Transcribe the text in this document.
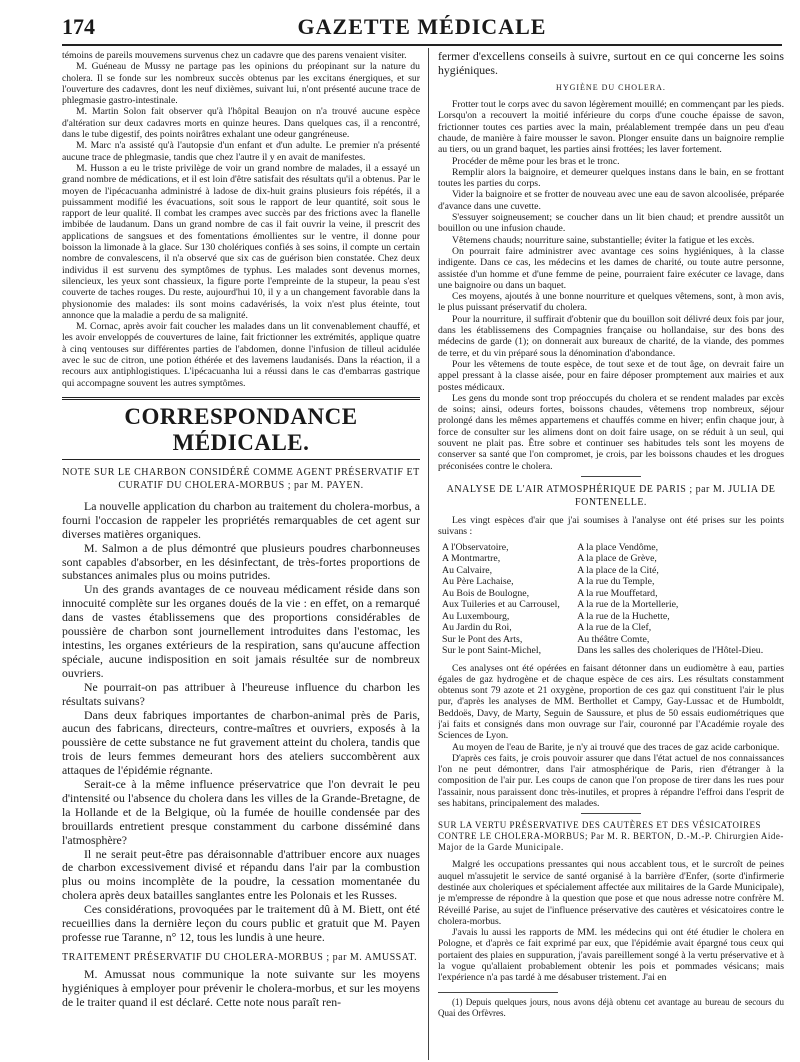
174	GAZETTE MÉDICALE

témoins de pareils mouvemens survenus chez un cadavre que des parens venaient visiter.

M. Guéneau de Mussy ne partage pas les opinions du préopinant sur la nature du cholera. Il se fonde sur les nombreux succès obtenus par les excitans énergiques, et sur l'ouverture des cadavres, dont les neuf dixièmes, suivant lui, n'ont présenté aucune trace de phlegmasie gastro-intestinale.

M. Martin Solon fait observer qu'à l'hôpital Beaujon on n'a trouvé aucune espèce d'altération sur deux cadavres morts en quinze heures. Dans quelques cas, il a rencontré, dans le tube digestif, des points noirâtres exhalant une odeur gangréneuse.

M. Marc n'a assisté qu'à l'autopsie d'un enfant et d'un adulte. Le premier n'a présenté aucune trace de phlegmasie, tandis que chez l'autre il y en avait de manifestes.

M. Husson a eu le triste privilège de voir un grand nombre de malades, il a essayé un grand nombre de médications, et il est loin d'être satisfait des résultats qu'il a obtenus. Par le moyen de l'ipécacuanha administré à ladose de dix-huit grains plusieurs fois répétés, il a puissamment modifié les évacuations, soit sous le rapport de leur quantité, soit sous le rapport de leur qualité. Il combat les crampes avec succès par des frictions avec la flanelle imbibée de laudanum. Dans un grand nombre de cas il fait ouvrir la veine, il prescrit des applications de sangsues et des fomentations émollientes sur le ventre, il donne pour boisson la limonade à la glace. Sur 130 cholériques confiés à ses soins, il compte un certain nombre de convalescens, il n'a observé que six cas de guérison bien constatée. Chez deux individus il est survenu des symptômes de typhus. Les malades sont devenus mornes, silencieux, les yeux sont chassieux, la figure porte l'empreinte de la stupeur, la peau s'est couverte de taches rouges. Du reste, aujourd'hui 10, il y a un changement favorable dans la physionomie des malades: ils sont moins cadavérisés, la voix n'est plus éteinte, tout annonce que la maladie a perdu de sa malignité.

M. Cornac, après avoir fait coucher les malades dans un lit convenablement chauffé, et les avoir enveloppés de couvertures de laine, fait frictionner les extrémités, applique quatre à cinq ventouses sur différentes parties de l'abdomen, donne l'infusion de tilleul acidulée avec le suc de citron, une potion éthérée et des lavemens laudanisés. Dans la réaction, il a recours aux antiphlogistiques. L'ipécacuanha lui a réussi dans le cas d'embarras gastrique qui accompagne souvent les autres symptômes.

CORRESPONDANCE MÉDICALE.

NOTE SUR LE CHARBON CONSIDÉRÉ COMME AGENT PRÉSERVATIF ET CURATIF DU CHOLERA-MORBUS ; par M. PAYEN.

La nouvelle application du charbon au traitement du cholera-morbus, a fourni l'occasion de rappeler les propriétés remarquables de cet agent sur diverses matières organiques.

M. Salmon a de plus démontré que plusieurs poudres charbonneuses sont capables d'absorber, en les désinfectant, de très-fortes proportions de substances animales plus ou moins putrides.

Un des grands avantages de ce nouveau médicament réside dans son innocuité complète sur les organes doués de la vie : en effet, on a remarqué dans de vastes établissemens que des proportions considérables de poussière de charbon sont journellement introduites dans l'estomac, les intestins, les organes extérieurs de la respiration, sans qu'aucune affection spéciale, aucune indisposition en soit jamais résultée sur de nombreux ouvriers.

Ne pourrait-on pas attribuer à l'heureuse influence du charbon les résultats suivans?

Dans deux fabriques importantes de charbon-animal près de Paris, aucun des fabricans, directeurs, contre-maîtres et ouvriers, exposés à la poussière de cette substance ne fut gravement atteint du cholera, tandis que trois de leurs femmes demeurant hors des ateliers succombèrent aux attaques de l'épidémie régnante.

Serait-ce à la même influence préservatrice que l'on devrait le peu d'intensité ou l'absence du cholera dans les villes de la Grande-Bretagne, de la Hollande et de la Belgique, où la fumée de houille condensée par des brouillards entretient presque constamment du carbone disséminé dans l'atmosphère?

Il ne serait peut-être pas déraisonnable d'attribuer encore aux nuages de charbon excessivement divisé et répandu dans l'air par la combustion plus ou moins incomplète de la poudre, la cessation momentanée du cholera après deux batailles sanglantes entre les Polonais et les Russes.

Ces considérations, provoquées par le traitement dû à M. Biett, ont été recueillies dans la dernière leçon du cours public et gratuit que M. Payen professe rue Taranne, n° 12, tous les lundis à une heure.

TRAITEMENT PRÉSERVATIF DU CHOLERA-MORBUS ; par M. AMUSSAT.

M. Amussat nous communique la note suivante sur les moyens hygiéniques à employer pour prévenir le cholera-morbus, et sur les moyens de le traiter quand il est déclaré. Cette note nous paraît ren-

fermer d'excellens conseils à suivre, surtout en ce qui concerne les soins hygiéniques.

HYGIÈNE DU CHOLERA.

Frotter tout le corps avec du savon légèrement mouillé; en commençant par les pieds. Lorsqu'on a recouvert la moitié inférieure du corps d'une couche épaisse de savon, frictionner toutes ces parties avec la main, préalablement trempée dans un peu d'eau chaude, de manière à faire mousser le savon. Plonger ensuite dans un baignoire remplie au tiers, ou un grand baquet, les parties ainsi frottées; les laver fortement.

Procéder de même pour les bras et le tronc.

Remplir alors la baignoire, et demeurer quelques instans dans le bain, en se frottant toutes les parties du corps.

Vider la baignoire et se frotter de nouveau avec une eau de savon alcoolisée, préparée d'avance dans une cuvette.

S'essuyer soigneusement; se coucher dans un lit bien chaud; et prendre aussitôt un bouillon ou une infusion chaude.

Vêtemens chauds; nourriture saine, substantielle; éviter la fatigue et les excès.

On pourrait faire administrer avec avantage ces soins hygiéniques, à la classe indigente. Dans ce cas, les médecins et les dames de charité, ou toute autre personne, assistée d'un homme et d'une femme de peine, pourraient faire exécuter ce lavage, dans une baignoire ou dans un baquet.

Ces moyens, ajoutés à une bonne nourriture et quelques vêtemens, sont, à mon avis, le plus puissant préservatif du cholera.

Pour la nourriture, il suffirait d'obtenir que du bouillon soit délivré deux fois par jour, dans les établissemens des Compagnies française ou hollandaise, sur des bons des médecins de garde (1); on donnerait aux bureaux de charité, de la viande, des pommes de terre, et du vin préparé sous la dénomination d'abondance.

Pour les vêtemens de toute espèce, de tout sexe et de tout âge, on devrait faire un appel pressant à la classe aisée, pour en faire déposer promptement aux mairies et aux postes médicaux.

Les gens du monde sont trop préoccupés du cholera et se rendent malades par excès de soins; ainsi, odeurs fortes, boissons chaudes, vêtemens trop nombreux, séjour prolongé dans les mêmes appartemens et chauffés comme en hiver; enfin chaque jour, à force de consulter sur les alimens dont on doit faire usage, on se réduit à un seul, qui souvent ne plait pas. Être sobre et continuer ses habitudes tels sont les moyens de conserver sa santé que l'on compromet, je crois, par les boissons chaudes et les drogues préconisées contre le cholera.

ANALYSE DE L'AIR ATMOSPHÉRIQUE DE PARIS ; par M. JULIA DE FONTENELLE.

Les vingt espèces d'air que j'ai soumises à l'analyse ont été prises sur les points suivans :

A l'Observatoire,	A la place Vendôme,
A Montmartre,	A la place de Grève,
Au Calvaire,	A la place de la Cité,
Au Père Lachaise,	A la rue du Temple,
Au Bois de Boulogne,	A la rue Mouffetard,
Aux Tuileries et au Carrousel,	A la rue de la Mortellerie,
Au Luxembourg,	A la rue de la Huchette,
Au Jardin du Roi,	A la rue de la Clef,
Sur le Pont des Arts,	Au théâtre Comte,
Sur le pont Saint-Michel,	Dans les salles des choleriques de l'Hôtel-Dieu.

Ces analyses ont été opérées en faisant détonner dans un eudiomètre à eau, parties égales de gaz hydrogène et de chaque espèce de ces airs. Les résultats constamment obtenus sont 79 azote et 21 oxygène, proportion de ces gaz qui constituent l'air le plus pur, d'après les analyses de MM. Berthollet et Campy, Gay-Lussac et de Humboldt, Beddoës, Davy, de Marty, Seguin de Saussure, et plus de 50 essais eudiométriques que j'ai faits et consignés dans mon ouvrage sur l'air, couronné par l'Académie royale des Sciences de Lyon.

Au moyen de l'eau de Barite, je n'y ai trouvé que des traces de gaz acide carbonique.

D'après ces faits, je crois pouvoir assurer que dans l'état actuel de nos connaissances l'on ne peut démontrer, dans l'air atmosphérique de Paris, rien d'étranger à la composition de l'air pur. Les coups de canon que l'on propose de tirer dans les rues pour l'assainir, nous paraissent donc très-inutiles, et propres à répandre l'effroi dans l'esprit de ses habitans, principalement des malades.

SUR LA VERTU PRÉSERVATIVE DES CAUTÈRES ET DES VÉSICATOIRES CONTRE LE CHOLERA-MORBUS; Par M. R. BERTON, D.-M.-P. Chirurgien Aide-Major de la Garde Municipale.

Malgré les occupations pressantes qui nous accablent tous, et le surcroît de peines auquel m'assujetit le service de santé organisé à la barrière d'Enfer, (sorte d'infirmerie destinée aux choleriques et spécialement affectée aux militaires de la Garde Municipale), je m'empresse de répondre à la question que pose et que nous adresse notre confrère M. Réveillé Parise, au sujet de l'influence préservative des cautères et vésicatoires contre le cholera-morbus.

J'avais lu aussi les rapports de MM. les médecins qui ont été étudier le cholera en Pologne, et d'après ce fait exprimé par eux, que l'épidémie avait épargné tous ceux qui portaient des plaies en suppuration, j'avais pareillement songé à la vertu préservative et à la vogue qu'allaient probablement obtenir les pois et pommades vésicans; mais l'expérience n'a pas tardé à me désabuser tristement. J'ai en

(1) Depuis quelques jours, nous avons déjà obtenu cet avantage au bureau de secours du Quai des Orfèvres.
